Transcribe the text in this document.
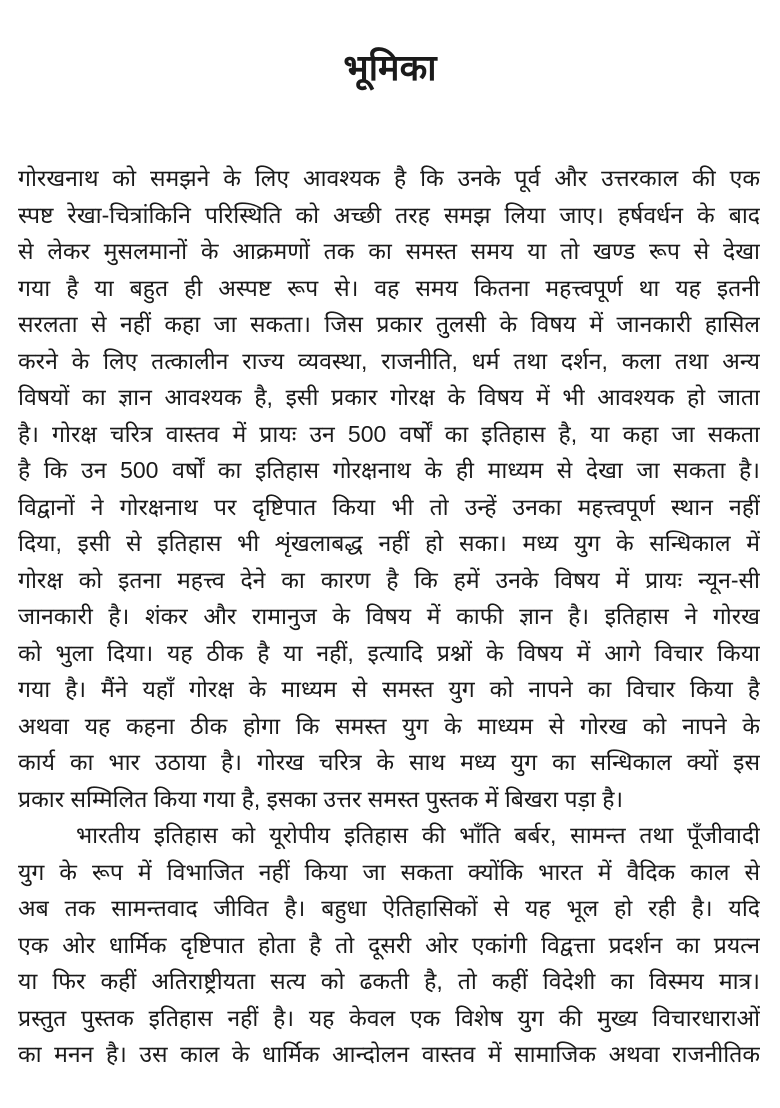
भूमिका
गोरखनाथ को समझने के लिए आवश्यक है कि उनके पूर्व और उत्तरकाल की एक
स्पष्ट रेखा-चित्रांकिनि परिस्थिति को अच्छी तरह समझ लिया जाए। हर्षवर्धन के बाद
से लेकर मुसलमानों के आक्रमणों तक का समस्त समय या तो खण्ड रूप से देखा
गया है या बहुत ही अस्पष्ट रूप से। वह समय कितना महत्त्वपूर्ण था यह इतनी
सरलता से नहीं कहा जा सकता। जिस प्रकार तुलसी के विषय में जानकारी हासिल
करने के लिए तत्कालीन राज्य व्यवस्था, राजनीति, धर्म तथा दर्शन, कला तथा अन्य
विषयों का ज्ञान आवश्यक है, इसी प्रकार गोरक्ष के विषय में भी आवश्यक हो जाता
है। गोरक्ष चरित्र वास्तव में प्रायः उन 500 वर्षों का इतिहास है, या कहा जा सकता
है कि उन 500 वर्षों का इतिहास गोरक्षनाथ के ही माध्यम से देखा जा सकता है।
विद्वानों ने गोरक्षनाथ पर दृष्टिपात किया भी तो उन्हें उनका महत्त्वपूर्ण स्थान नहीं
दिया, इसी से इतिहास भी शृंखलाबद्ध नहीं हो सका। मध्य युग के सन्धिकाल में
गोरक्ष को इतना महत्त्व देने का कारण है कि हमें उनके विषय में प्रायः न्यून-सी
जानकारी है। शंकर और रामानुज के विषय में काफी ज्ञान है। इतिहास ने गोरख
को भुला दिया। यह ठीक है या नहीं, इत्यादि प्रश्नों के विषय में आगे विचार किया
गया है। मैंने यहाँ गोरक्ष के माध्यम से समस्त युग को नापने का विचार किया है
अथवा यह कहना ठीक होगा कि समस्त युग के माध्यम से गोरख को नापने के
कार्य का भार उठाया है। गोरख चरित्र के साथ मध्य युग का सन्धिकाल क्यों इस
प्रकार सम्मिलित किया गया है, इसका उत्तर समस्त पुस्तक में बिखरा पड़ा है।
भारतीय इतिहास को यूरोपीय इतिहास की भाँति बर्बर, सामन्त तथा पूँजीवादी
युग के रूप में विभाजित नहीं किया जा सकता क्योंकि भारत में वैदिक काल से
अब तक सामन्तवाद जीवित है। बहुधा ऐतिहासिकों से यह भूल हो रही है। यदि
एक ओर धार्मिक दृष्टिपात होता है तो दूसरी ओर एकांगी विद्वत्ता प्रदर्शन का प्रयत्न
या फिर कहीं अतिराष्ट्रीयता सत्य को ढकती है, तो कहीं विदेशी का विस्मय मात्र।
प्रस्तुत पुस्तक इतिहास नहीं है। यह केवल एक विशेष युग की मुख्य विचारधाराओं
का मनन है। उस काल के धार्मिक आन्दोलन वास्तव में सामाजिक अथवा राजनीतिक
